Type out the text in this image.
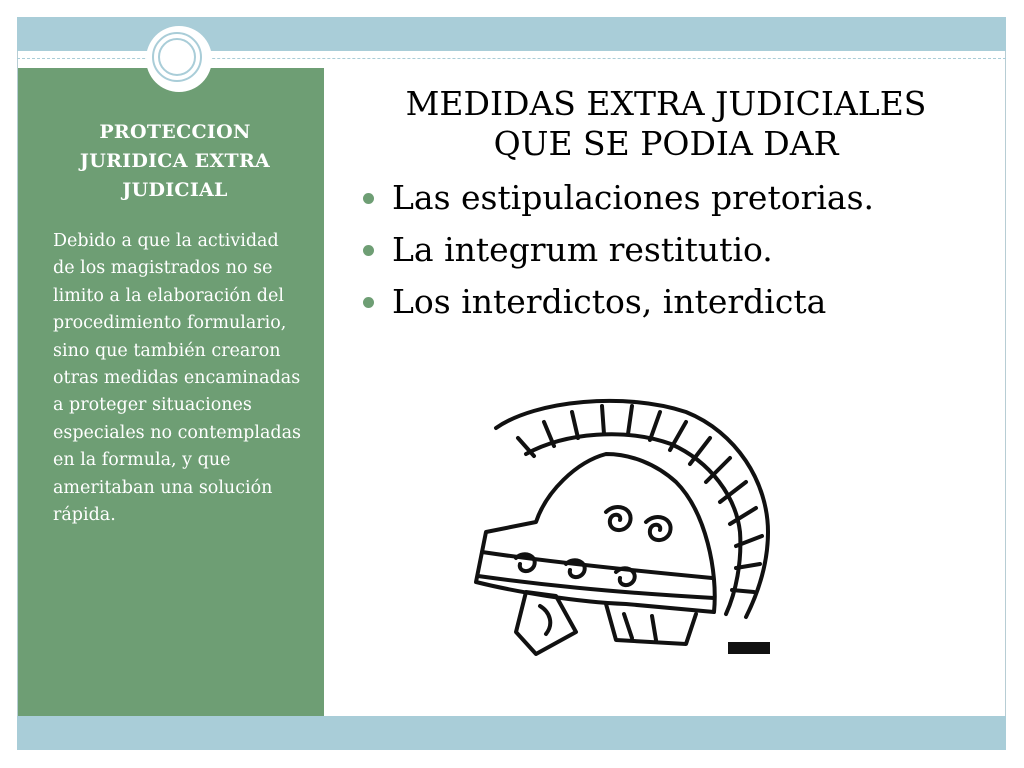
PROTECCION JURIDICA EXTRA JUDICIAL
Debido a que la actividad de los magistrados no se limito a la elaboración del procedimiento formulario, sino que también crearon otras medidas encaminadas a proteger situaciones especiales no contempladas en la formula, y que ameritaban una solución rápida.
MEDIDAS EXTRA JUDICIALES
QUE SE PODIA DAR
Las estipulaciones pretorias.
La integrum restitutio.
Los interdictos, interdicta
